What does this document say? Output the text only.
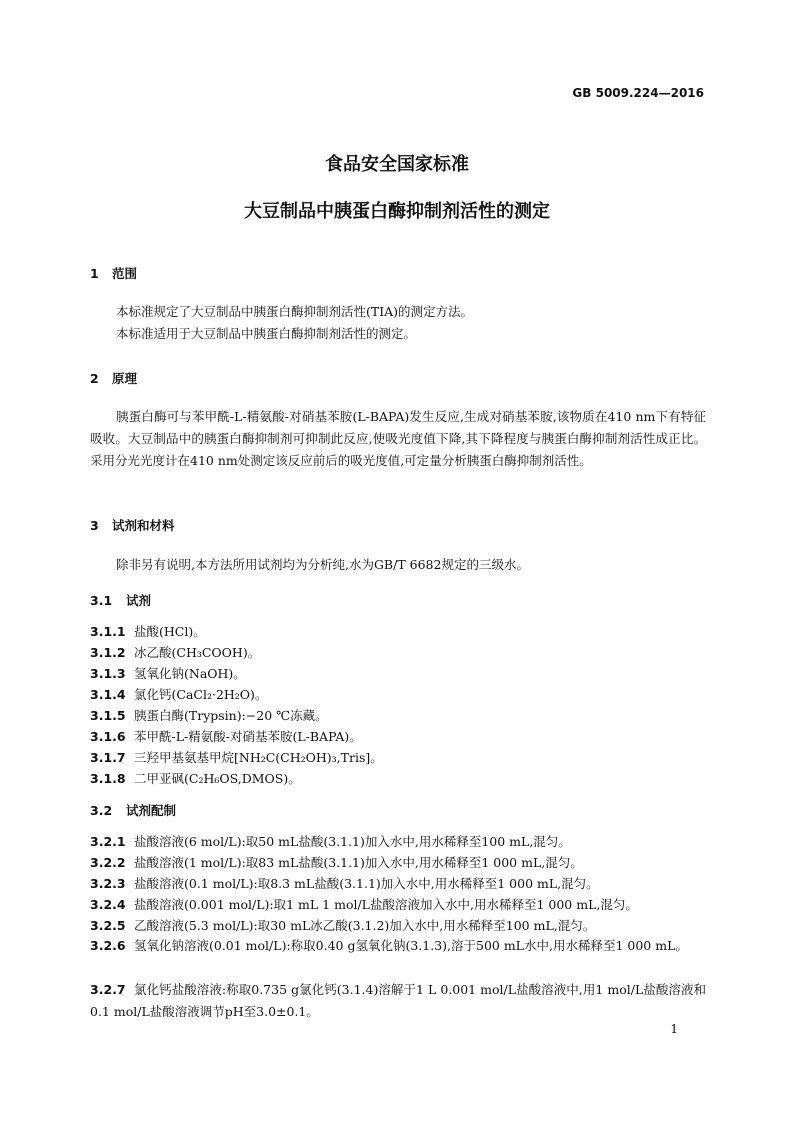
GB 5009.224—2016
食品安全国家标准
大豆制品中胰蛋白酶抑制剂活性的测定
1 范围
本标准规定了大豆制品中胰蛋白酶抑制剂活性(TIA)的测定方法。
本标准适用于大豆制品中胰蛋白酶抑制剂活性的测定。
2 原理
胰蛋白酶可与苯甲酰-L-精氨酸-对硝基苯胺(L-BAPA)发生反应,生成对硝基苯胺,该物质在410 nm下有特征吸收。大豆制品中的胰蛋白酶抑制剂可抑制此反应,使吸光度值下降,其下降程度与胰蛋白酶抑制剂活性成正比。采用分光光度计在410 nm处测定该反应前后的吸光度值,可定量分析胰蛋白酶抑制剂活性。
3 试剂和材料
除非另有说明,本方法所用试剂均为分析纯,水为GB/T 6682规定的三级水。
3.1 试剂
3.1.1 盐酸(HCl)。
3.1.2 冰乙酸(CH₃COOH)。
3.1.3 氢氧化钠(NaOH)。
3.1.4 氯化钙(CaCl₂·2H₂O)。
3.1.5 胰蛋白酶(Trypsin):−20 ℃冻藏。
3.1.6 苯甲酰-L-精氨酸-对硝基苯胺(L-BAPA)。
3.1.7 三羟甲基氨基甲烷[NH₂C(CH₂OH)₃,Tris]。
3.1.8 二甲亚砜(C₂H₆OS,DMOS)。
3.2 试剂配制
3.2.1 盐酸溶液(6 mol/L):取50 mL盐酸(3.1.1)加入水中,用水稀释至100 mL,混匀。
3.2.2 盐酸溶液(1 mol/L):取83 mL盐酸(3.1.1)加入水中,用水稀释至1 000 mL,混匀。
3.2.3 盐酸溶液(0.1 mol/L):取8.3 mL盐酸(3.1.1)加入水中,用水稀释至1 000 mL,混匀。
3.2.4 盐酸溶液(0.001 mol/L):取1 mL 1 mol/L盐酸溶液加入水中,用水稀释至1 000 mL,混匀。
3.2.5 乙酸溶液(5.3 mol/L):取30 mL冰乙酸(3.1.2)加入水中,用水稀释至100 mL,混匀。
3.2.6 氢氧化钠溶液(0.01 mol/L):称取0.40 g氢氧化钠(3.1.3),溶于500 mL水中,用水稀释至1 000 mL。
3.2.7 氯化钙盐酸溶液:称取0.735 g氯化钙(3.1.4)溶解于1 L 0.001 mol/L盐酸溶液中,用1 mol/L盐酸溶液和0.1 mol/L盐酸溶液调节pH至3.0±0.1。
1
